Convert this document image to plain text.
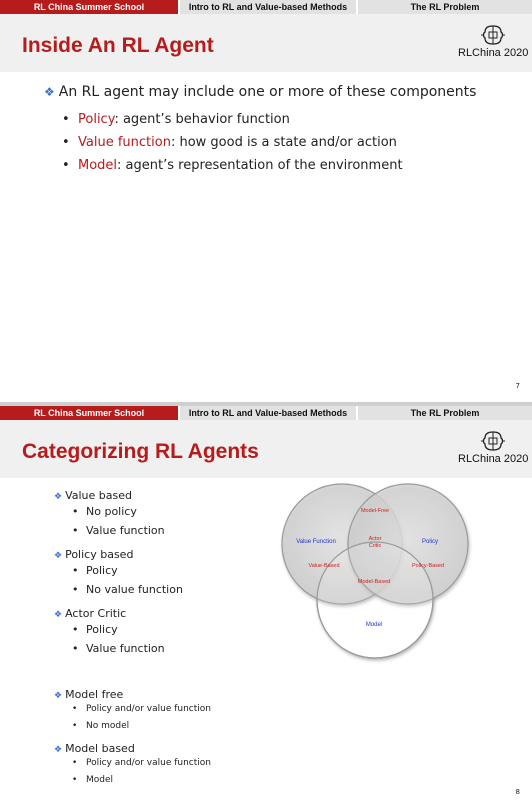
RL China Summer School	Intro to RL and Value-based Methods	The RL Problem
Inside An RL Agent	RLChina 2020
❖ An RL agent may include one or more of these components
• Policy: agent’s behavior function
• Value function: how good is a state and/or action
• Model: agent’s representation of the environment
7
RL China Summer School	Intro to RL and Value-based Methods	The RL Problem
Categorizing RL Agents	RLChina 2020
❖ Value based
• No policy
• Value function
❖ Policy based
• Policy
• No value function
❖ Actor Critic
• Policy
• Value function
❖ Model free
• Policy and/or value function
• No model
❖ Model based
• Policy and/or value function
• Model
Value Function	Policy
Model
Model-Free
Actor
Critic
Value-Based	Policy-Based
Model-Based
8
